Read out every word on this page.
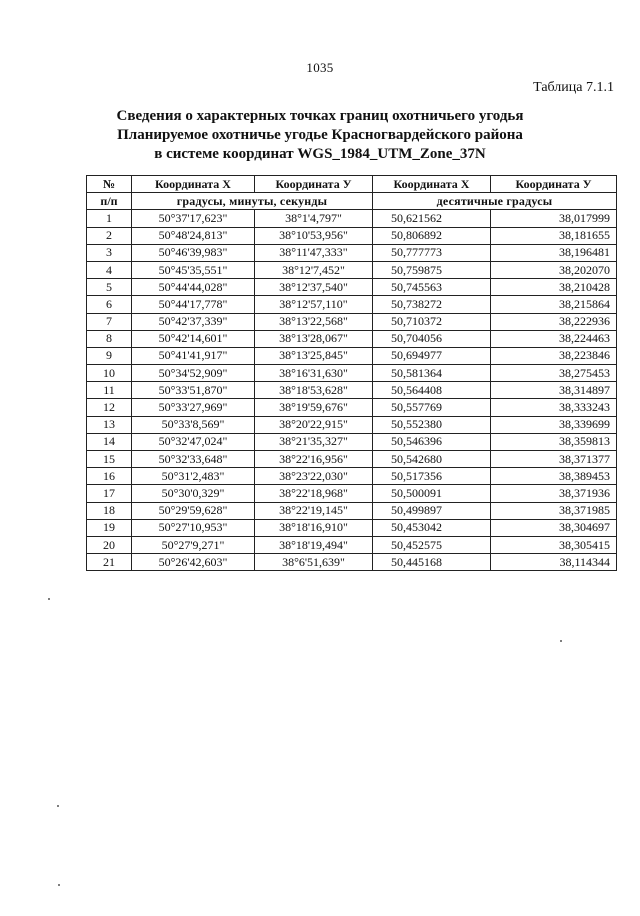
1035
Таблица 7.1.1
Сведения о характерных точках границ охотничьего угодья
Планируемое охотничье угодье Красногвардейского района
в системе координат WGS_1984_UTM_Zone_37N
№	Координата X	Координата У	Координата X	Координата У
п/п	градусы, минуты, секунды		десятичные градусы	
1	50°37'17,623"	38°1'4,797"	50,621562	38,017999
2	50°48'24,813"	38°10'53,956"	50,806892	38,181655
3	50°46'39,983"	38°11'47,333"	50,777773	38,196481
4	50°45'35,551"	38°12'7,452"	50,759875	38,202070
5	50°44'44,028"	38°12'37,540"	50,745563	38,210428
6	50°44'17,778"	38°12'57,110"	50,738272	38,215864
7	50°42'37,339"	38°13'22,568"	50,710372	38,222936
8	50°42'14,601"	38°13'28,067"	50,704056	38,224463
9	50°41'41,917"	38°13'25,845"	50,694977	38,223846
10	50°34'52,909"	38°16'31,630"	50,581364	38,275453
11	50°33'51,870"	38°18'53,628"	50,564408	38,314897
12	50°33'27,969"	38°19'59,676"	50,557769	38,333243
13	50°33'8,569"	38°20'22,915"	50,552380	38,339699
14	50°32'47,024"	38°21'35,327"	50,546396	38,359813
15	50°32'33,648"	38°22'16,956"	50,542680	38,371377
16	50°31'2,483"	38°23'22,030"	50,517356	38,389453
17	50°30'0,329"	38°22'18,968"	50,500091	38,371936
18	50°29'59,628"	38°22'19,145"	50,499897	38,371985
19	50°27'10,953"	38°18'16,910"	50,453042	38,304697
20	50°27'9,271"	38°18'19,494"	50,452575	38,305415
21	50°26'42,603"	38°6'51,639"	50,445168	38,114344
